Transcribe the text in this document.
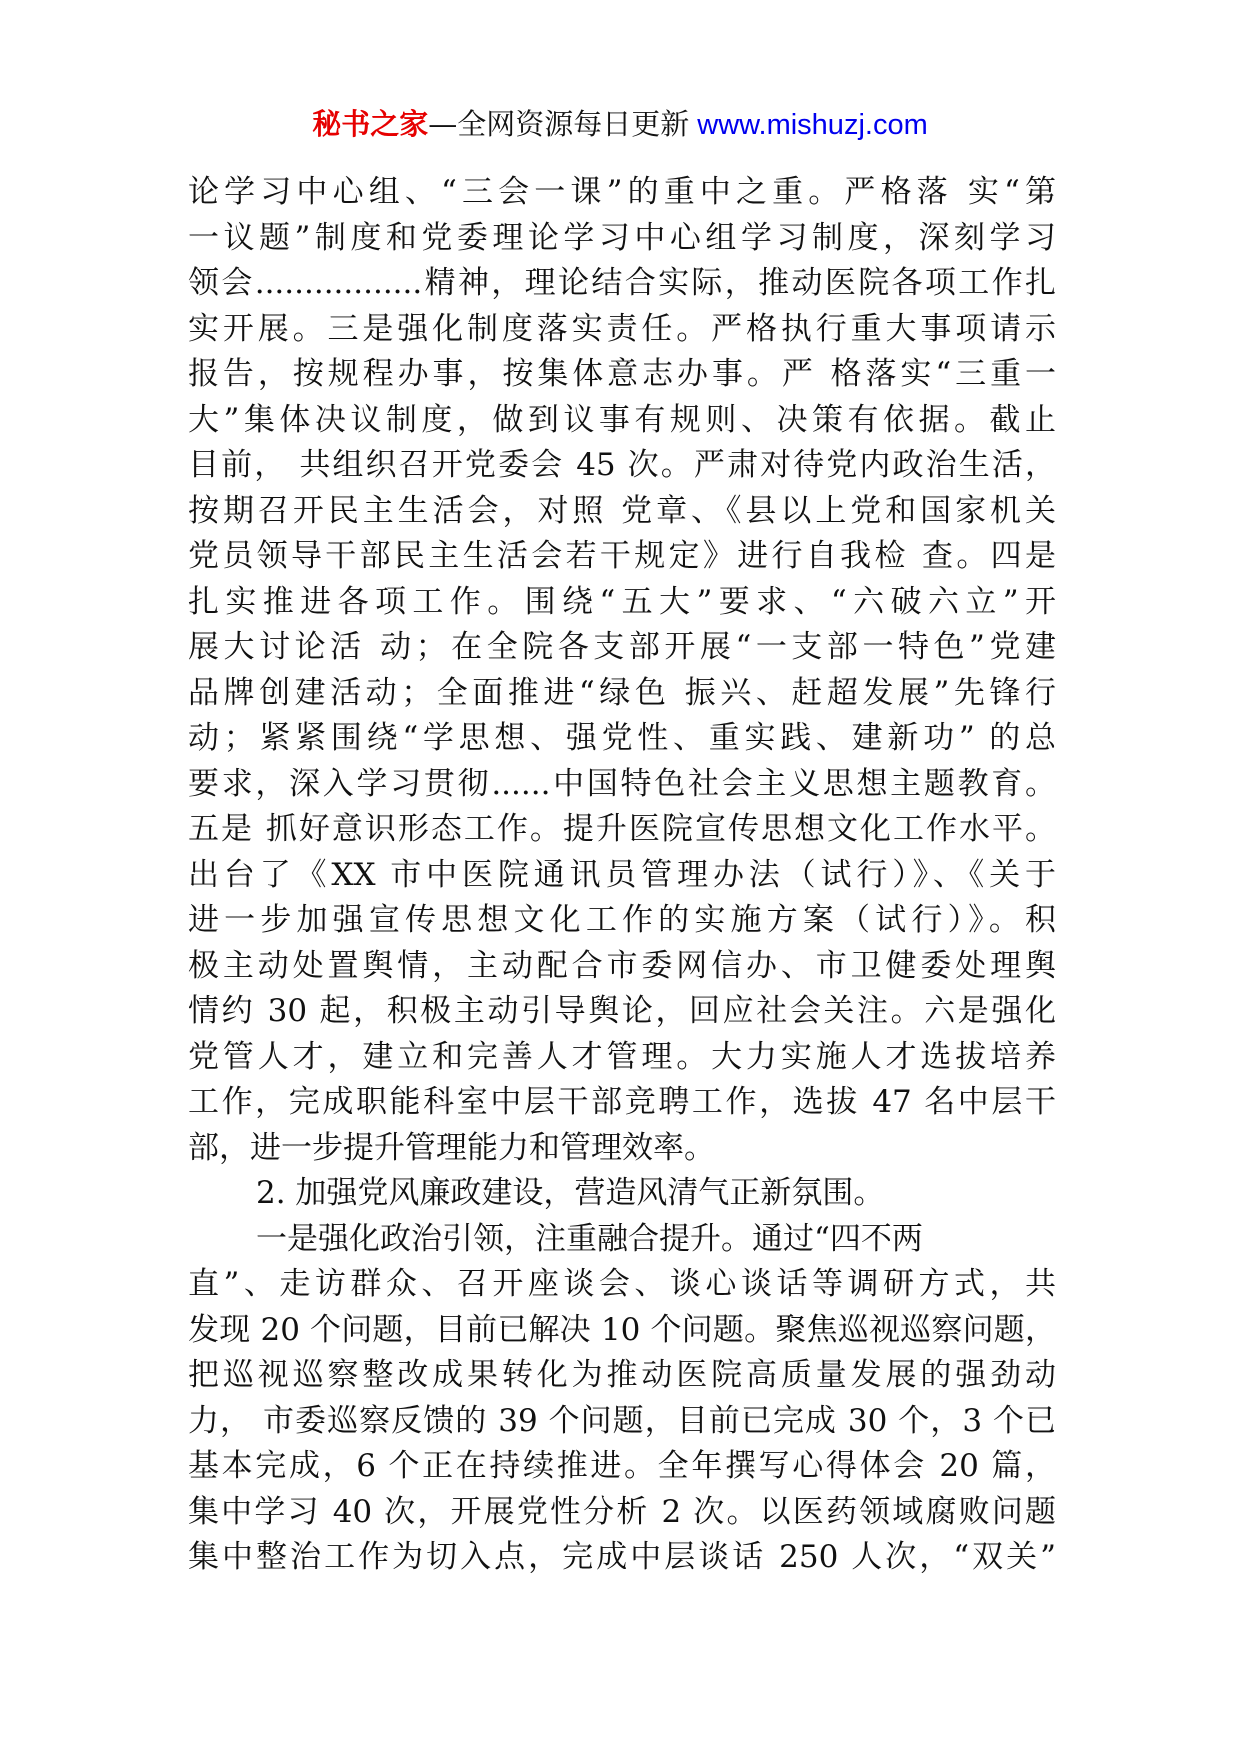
秘书之家—全网资源每日更新 www.mishuzj.com
论学习中心组、“三会一课”的重中之重。严格落 实“第
一议题”制度和党委理论学习中心组学习制度，深刻学习
领会.................精神，理论结合实际，推动医院各项工作扎
实开展。三是强化制度落实责任。严格执行重大事项请示
报告，按规程办事，按集体意志办事。严 格落实“三重一
大”集体决议制度，做到议事有规则、决策有依据。截止
目前， 共组织召开党委会 45 次。严肃对待党内政治生活，
按期召开民主生活会，对照 党章、《县以上党和国家机关
党员领导干部民主生活会若干规定》进行自我检 查。四是
扎实推进各项工作。围绕“五大”要求、“六破六立”开
展大讨论活 动；在全院各支部开展“一支部一特色”党建
品牌创建活动；全面推进“绿色 振兴、赶超发展”先锋行
动；紧紧围绕“学思想、强党性、重实践、建新功” 的总
要求，深入学习贯彻......中国特色社会主义思想主题教育。
五是 抓好意识形态工作。提升医院宣传思想文化工作水平。
出台了《XX 市中医院通讯员管理办法（试行）》、《关于
进一步加强宣传思想文化工作的实施方案（试行）》。积
极主动处置舆情，主动配合市委网信办、市卫健委处理舆
情约 30 起，积极主动引导舆论，回应社会关注。六是强化
党管人才，建立和完善人才管理。大力实施人才选拔培养
工作，完成职能科室中层干部竞聘工作，选拔 47 名中层干
部，进一步提升管理能力和管理效率。
2. 加强党风廉政建设，营造风清气正新氛围。
一是强化政治引领，注重融合提升。通过“四不两
直”、走访群众、召开座谈会、谈心谈话等调研方式，共
发现 20 个问题，目前已解决 10 个问题。聚焦巡视巡察问题，
把巡视巡察整改成果转化为推动医院高质量发展的强劲动
力， 市委巡察反馈的 39 个问题，目前已完成 30 个，3 个已
基本完成，6 个正在持续推进。全年撰写心得体会 20 篇，
集中学习 40 次，开展党性分析 2 次。以医药领域腐败问题
集中整治工作为切入点，完成中层谈话 250 人次，“双关”
